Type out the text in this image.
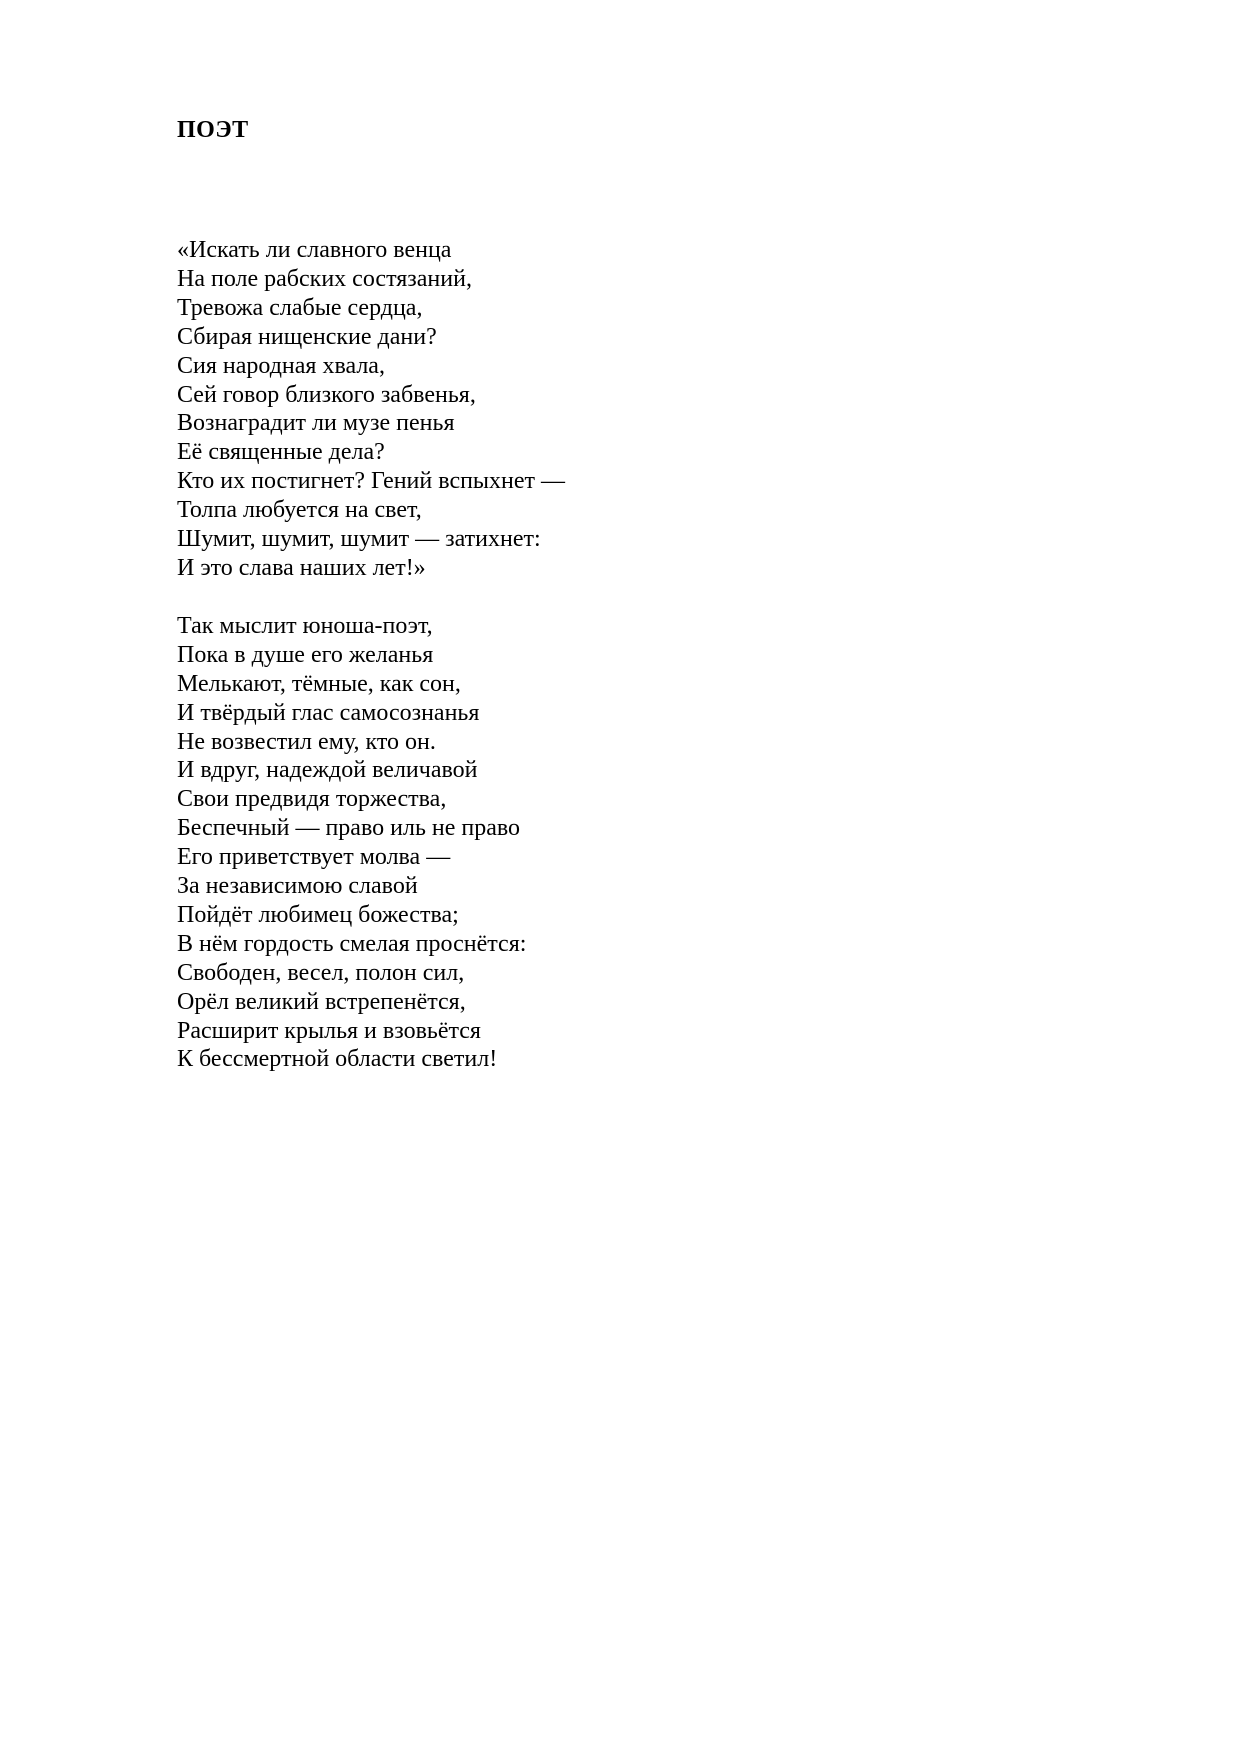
ПОЭТ
«Искать ли славного венца
На поле рабских состязаний,
Тревожа слабые сердца,
Сбирая нищенские дани?
Сия народная хвала,
Сей говор близкого забвенья,
Вознаградит ли музе пенья
Её священные дела?
Кто их постигнет? Гений вспыхнет —
Толпа любуется на свет,
Шумит, шумит, шумит — затихнет:
И это слава наших лет!»
Так мыслит юноша-поэт,
Пока в душе его желанья
Мелькают, тёмные, как сон,
И твёрдый глас самосознанья
Не возвестил ему, кто он.
И вдруг, надеждой величавой
Свои предвидя торжества,
Беспечный — право иль не право
Его приветствует молва —
За независимою славой
Пойдёт любимец божества;
В нём гордость смелая проснётся:
Свободен, весел, полон сил,
Орёл великий встрепенётся,
Расширит крылья и взовьётся
К бессмертной области светил!
